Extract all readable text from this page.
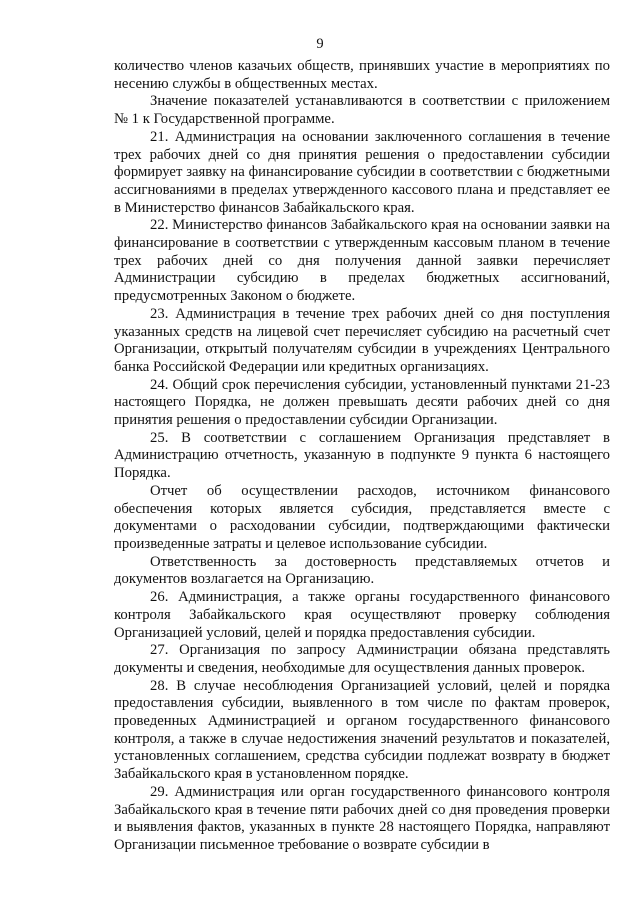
9

количество членов казачьих обществ, принявших участие в мероприятиях по несению службы в общественных местах.

Значение показателей устанавливаются в соответствии с приложением № 1 к Государственной программе.

21. Администрация на основании заключенного соглашения в течение трех рабочих дней со дня принятия решения о предоставлении субсидии формирует заявку на финансирование субсидии в соответствии с бюджетными ассигнованиями в пределах утвержденного кассового плана и представляет ее в Министерство финансов Забайкальского края.

22. Министерство финансов Забайкальского края на основании заявки на финансирование в соответствии с утвержденным кассовым планом в течение трех рабочих дней со дня получения данной заявки перечисляет Администрации субсидию в пределах бюджетных ассигнований, предусмотренных Законом о бюджете.

23. Администрация в течение трех рабочих дней со дня поступления указанных средств на лицевой счет перечисляет субсидию на расчетный счет Организации, открытый получателям субсидии в учреждениях Центрального банка Российской Федерации или кредитных организациях.

24. Общий срок перечисления субсидии, установленный пунктами 21-23 настоящего Порядка, не должен превышать десяти рабочих дней со дня принятия решения о предоставлении субсидии Организации.

25. В соответствии с соглашением Организация представляет в Администрацию отчетность, указанную в подпункте 9 пункта 6 настоящего Порядка.

Отчет об осуществлении расходов, источником финансового обеспечения которых является субсидия, представляется вместе с документами о расходовании субсидии, подтверждающими фактически произведенные затраты и целевое использование субсидии.

Ответственность за достоверность представляемых отчетов и документов возлагается на Организацию.

26. Администрация, а также органы государственного финансового контроля Забайкальского края осуществляют проверку соблюдения Организацией условий, целей и порядка предоставления субсидии.

27. Организация по запросу Администрации обязана представлять документы и сведения, необходимые для осуществления данных проверок.

28. В случае несоблюдения Организацией условий, целей и порядка предоставления субсидии, выявленного в том числе по фактам проверок, проведенных Администрацией и органом государственного финансового контроля, а также в случае недостижения значений результатов и показателей, установленных соглашением, средства субсидии подлежат возврату в бюджет Забайкальского края в установленном порядке.

29. Администрация или орган государственного финансового контроля Забайкальского края в течение пяти рабочих дней со дня проведения проверки и выявления фактов, указанных в пункте 28 настоящего Порядка, направляют Организации письменное требование о возврате субсидии в
